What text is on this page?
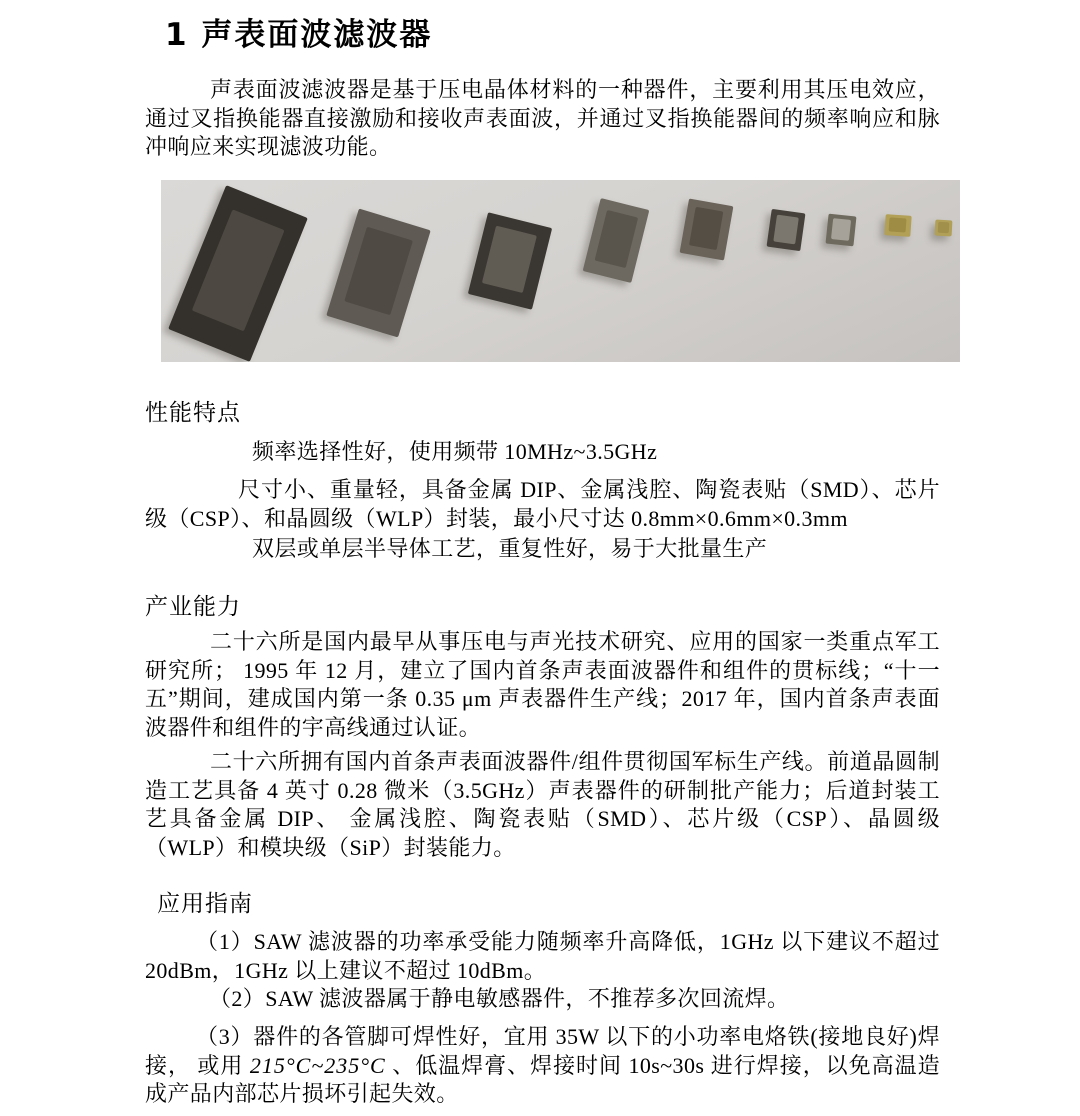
1 声表面波滤波器

声表面波滤波器是基于压电晶体材料的一种器件，主要利用其压电效应，通过叉指换能器直接激励和接收声表面波，并通过叉指换能器间的频率响应和脉冲响应来实现滤波功能。

性能特点

频率选择性好，使用频带 10MHz~3.5GHz

尺寸小、重量轻，具备金属 DIP、金属浅腔、陶瓷表贴（SMD）、芯片级（CSP）、和晶圆级（WLP）封装，最小尺寸达 0.8mm×0.6mm×0.3mm

双层或单层半导体工艺，重复性好，易于大批量生产

产业能力

二十六所是国内最早从事压电与声光技术研究、应用的国家一类重点军工研究所； 1995 年 12 月，建立了国内首条声表面波器件和组件的贯标线；“十一五”期间，建成国内第一条 0.35 μm 声表器件生产线；2017 年，国内首条声表面波器件和组件的宇高线通过认证。

二十六所拥有国内首条声表面波器件/组件贯彻国军标生产线。前道晶圆制造工艺具备 4 英寸 0.28 微米（3.5GHz）声表器件的研制批产能力；后道封装工艺具备金属 DIP、 金属浅腔、陶瓷表贴（SMD）、芯片级（CSP）、晶圆级（WLP）和模块级（SiP）封装能力。

应用指南

（1）SAW 滤波器的功率承受能力随频率升高降低，1GHz 以下建议不超过 20dBm，1GHz 以上建议不超过 10dBm。

（2）SAW 滤波器属于静电敏感器件，不推荐多次回流焊。

（3）器件的各管脚可焊性好，宜用 35W 以下的小功率电烙铁(接地良好)焊接， 或用 215°C~235°C 、低温焊膏、焊接时间 10s~30s 进行焊接，以免高温造成产品内部芯片损坏引起失效。
